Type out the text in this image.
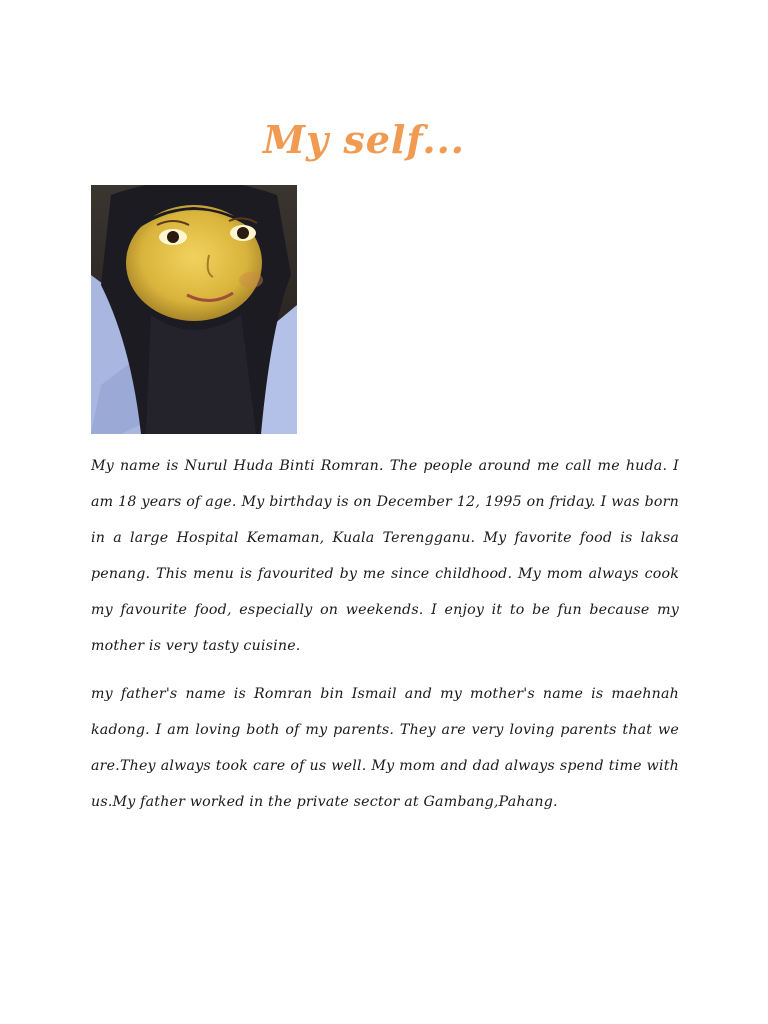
My self...

My name is Nurul Huda Binti Romran. The people around me call me huda. I am 18 years of age. My birthday is on December 12, 1995 on friday. I was born in a large Hospital Kemaman, Kuala Terengganu. My favorite food is laksa penang. This menu is favourited by me since childhood. My mom always cook my favourite food, especially on weekends. I enjoy it to be fun because my mother is very tasty cuisine.

my father's name is Romran bin Ismail and my mother's name is maehnah kadong. I am loving both of my parents. They are very loving parents that we are.They always took care of us well. My mom and dad always spend time with us.My father worked in the private sector at Gambang,Pahang.
